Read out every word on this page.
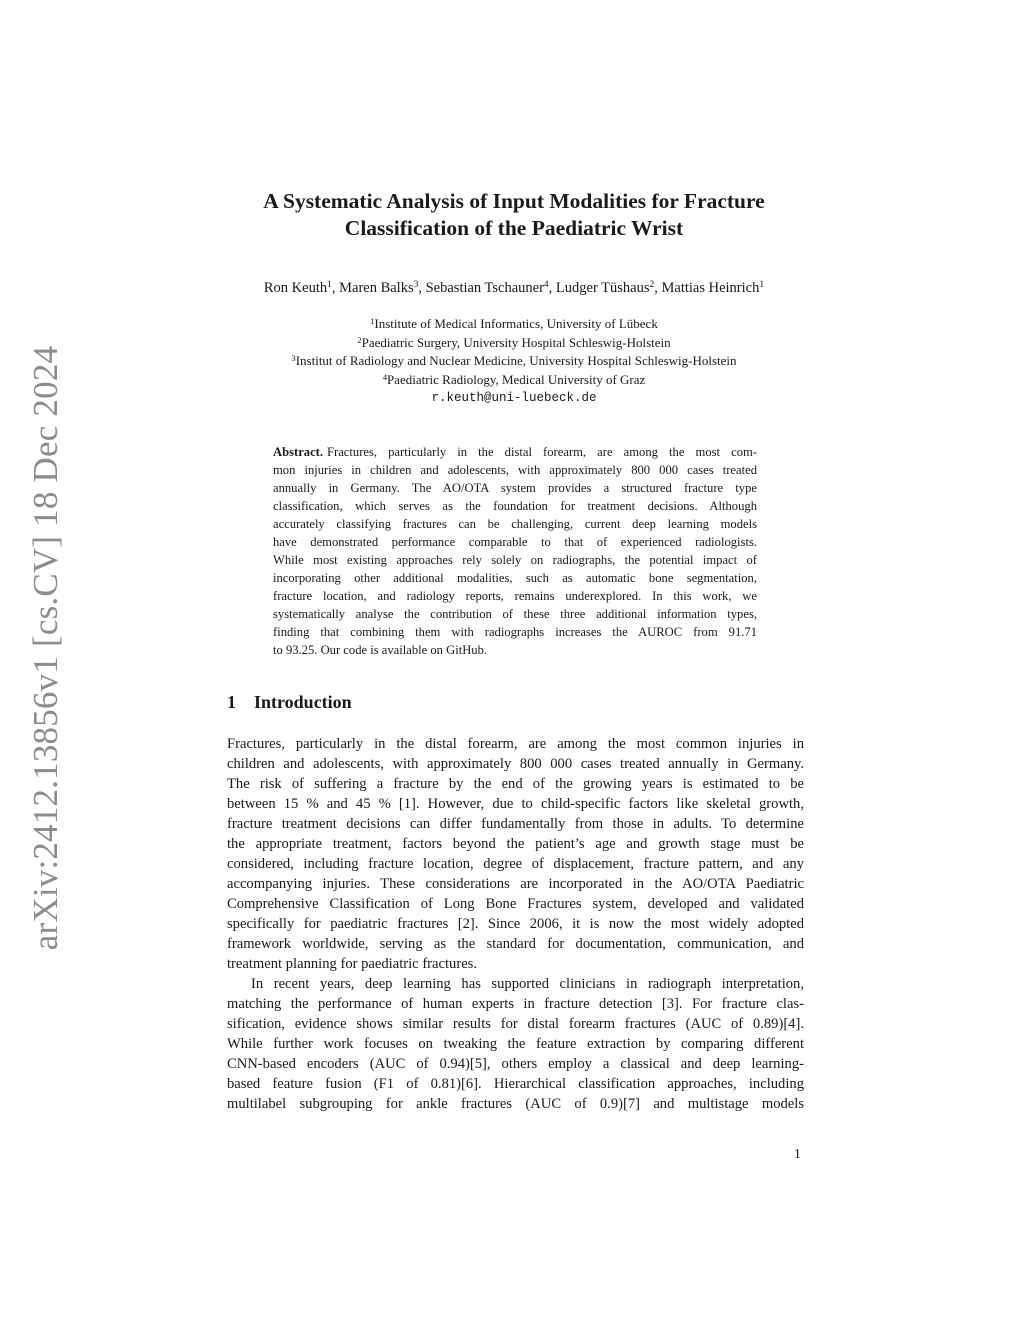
arXiv:2412.13856v1 [cs.CV] 18 Dec 2024
A Systematic Analysis of Input Modalities for Fracture
Classification of the Paediatric Wrist
Ron Keuth$^1$, Maren Balks$^3$, Sebastian Tschauner$^4$, Ludger Tüshaus$^2$, Mattias Heinrich$^1$
$^1$Institute of Medical Informatics, University of Lübeck
$^2$Paediatric Surgery, University Hospital Schleswig-Holstein
$^3$Institut of Radiology and Nuclear Medicine, University Hospital Schleswig-Holstein
$^4$Paediatric Radiology, Medical University of Graz
r.keuth@uni-luebeck.de
Abstract. Fractures, particularly in the distal forearm, are among the most com-
mon injuries in children and adolescents, with approximately 800 000 cases treated
annually in Germany. The AO/OTA system provides a structured fracture type
classification, which serves as the foundation for treatment decisions. Although
accurately classifying fractures can be challenging, current deep learning models
have demonstrated performance comparable to that of experienced radiologists.
While most existing approaches rely solely on radiographs, the potential impact of
incorporating other additional modalities, such as automatic bone segmentation,
fracture location, and radiology reports, remains underexplored. In this work, we
systematically analyse the contribution of these three additional information types,
finding that combining them with radiographs increases the AUROC from 91.71
to 93.25. Our code is available on GitHub.
1 Introduction
Fractures, particularly in the distal forearm, are among the most common injuries in
children and adolescents, with approximately 800 000 cases treated annually in Germany.
The risk of suffering a fracture by the end of the growing years is estimated to be
between 15 % and 45 % [1]. However, due to child-specific factors like skeletal growth,
fracture treatment decisions can differ fundamentally from those in adults. To determine
the appropriate treatment, factors beyond the patient’s age and growth stage must be
considered, including fracture location, degree of displacement, fracture pattern, and any
accompanying injuries. These considerations are incorporated in the AO/OTA Paediatric
Comprehensive Classification of Long Bone Fractures system, developed and validated
specifically for paediatric fractures [2]. Since 2006, it is now the most widely adopted
framework worldwide, serving as the standard for documentation, communication, and
treatment planning for paediatric fractures.
In recent years, deep learning has supported clinicians in radiograph interpretation,
matching the performance of human experts in fracture detection [3]. For fracture clas-
sification, evidence shows similar results for distal forearm fractures (AUC of 0.89)[4].
While further work focuses on tweaking the feature extraction by comparing different
CNN-based encoders (AUC of 0.94)[5], others employ a classical and deep learning-
based feature fusion (F1 of 0.81)[6]. Hierarchical classification approaches, including
multilabel subgrouping for ankle fractures (AUC of 0.9)[7] and multistage models
1
